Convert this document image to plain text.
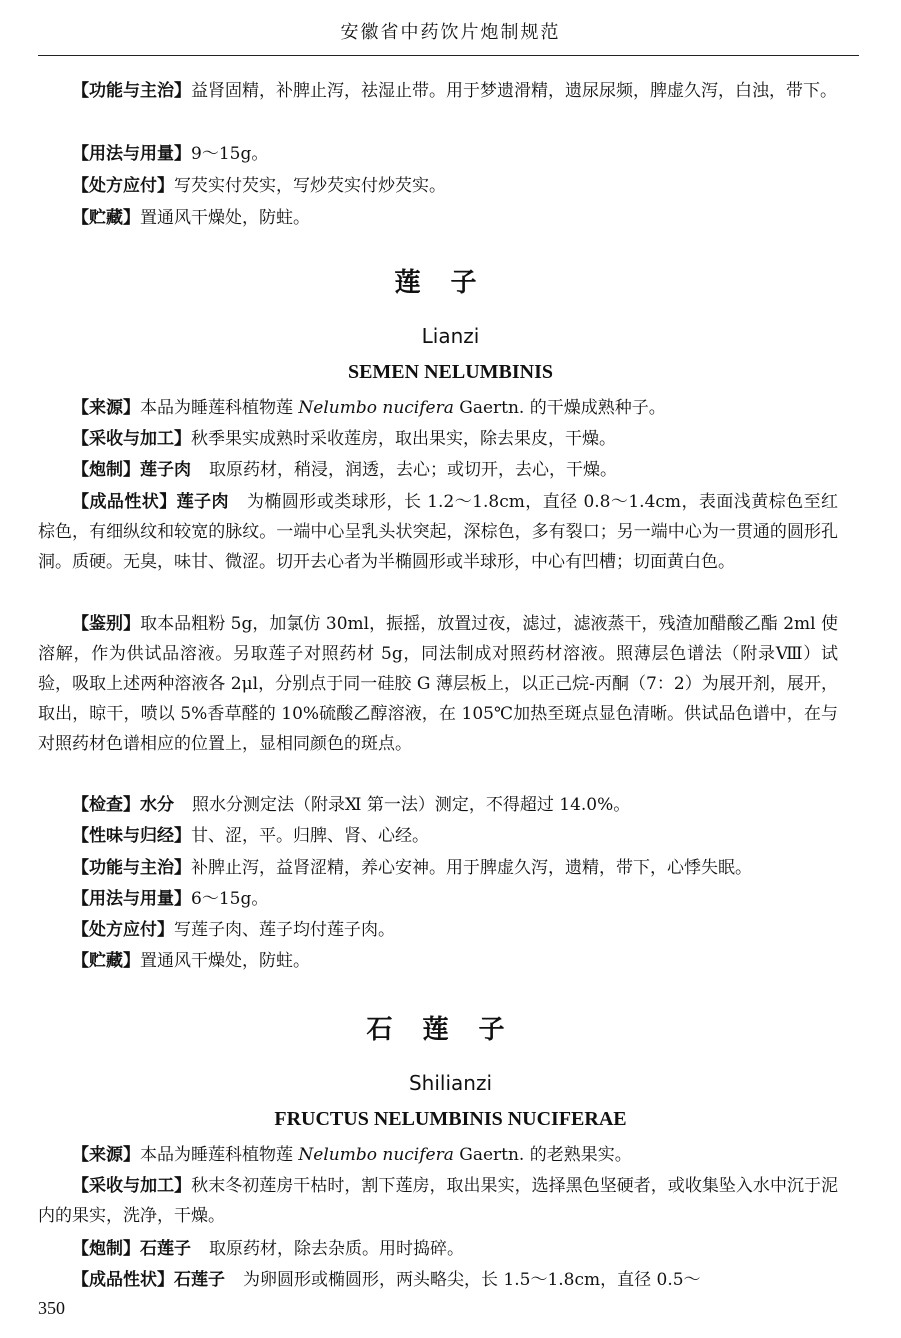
安徽省中药饮片炮制规范
【功能与主治】益肾固精，补脾止泻，祛湿止带。用于梦遗滑精，遗尿尿频，脾虚久泻，白浊，带下。
【用法与用量】9～15g。
【处方应付】写芡实付芡实，写炒芡实付炒芡实。
【贮藏】置通风干燥处，防蛀。
莲子
Lianzi
SEMEN NELUMBINIS
【来源】本品为睡莲科植物莲 Nelumbo nucifera Gaertn. 的干燥成熟种子。
【采收与加工】秋季果实成熟时采收莲房，取出果实，除去果皮，干燥。
【炮制】莲子肉 取原药材，稍浸，润透，去心；或切开，去心，干燥。
【成品性状】莲子肉 为椭圆形或类球形，长 1.2～1.8cm，直径 0.8～1.4cm，表面浅黄棕色至红棕色，有细纵纹和较宽的脉纹。一端中心呈乳头状突起，深棕色，多有裂口；另一端中心为一贯通的圆形孔洞。质硬。无臭，味甘、微涩。切开去心者为半椭圆形或半球形，中心有凹槽；切面黄白色。
【鉴别】取本品粗粉 5g，加氯仿 30ml，振摇，放置过夜，滤过，滤液蒸干，残渣加醋酸乙酯 2ml 使溶解，作为供试品溶液。另取莲子对照药材 5g，同法制成对照药材溶液。照薄层色谱法（附录Ⅷ）试验，吸取上述两种溶液各 2μl，分别点于同一硅胶 G 薄层板上，以正己烷-丙酮（7：2）为展开剂，展开，取出，晾干，喷以 5%香草醛的 10%硫酸乙醇溶液，在 105℃加热至斑点显色清晰。供试品色谱中，在与对照药材色谱相应的位置上，显相同颜色的斑点。
【检查】水分 照水分测定法（附录Ⅺ 第一法）测定，不得超过 14.0%。
【性味与归经】甘、涩，平。归脾、肾、心经。
【功能与主治】补脾止泻，益肾涩精，养心安神。用于脾虚久泻，遗精，带下，心悸失眠。
【用法与用量】6～15g。
【处方应付】写莲子肉、莲子均付莲子肉。
【贮藏】置通风干燥处，防蛀。
石莲子
Shilianzi
FRUCTUS NELUMBINIS NUCIFERAE
【来源】本品为睡莲科植物莲 Nelumbo nucifera Gaertn. 的老熟果实。
【采收与加工】秋末冬初莲房干枯时，割下莲房，取出果实，选择黑色坚硬者，或收集坠入水中沉于泥内的果实，洗净，干燥。
【炮制】石莲子 取原药材，除去杂质。用时捣碎。
【成品性状】石莲子 为卵圆形或椭圆形，两头略尖，长 1.5～1.8cm，直径 0.5～
350
